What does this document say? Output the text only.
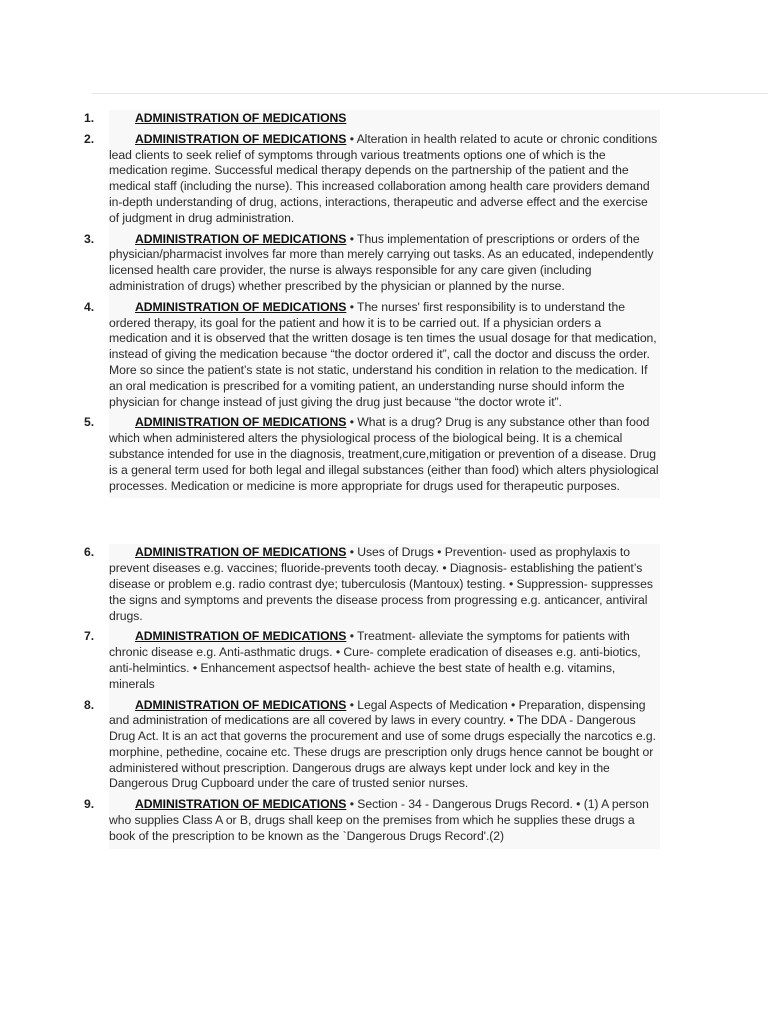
1.	ADMINISTRATION OF MEDICATIONS
2.	ADMINISTRATION OF MEDICATIONS • Alteration in health related to acute or chronic conditions lead clients to seek relief of symptoms through various treatments options one of which is the medication regime. Successful medical therapy depends on the partnership of the patient and the medical staff (including the nurse). This increased collaboration among health care providers demand in-depth understanding of drug, actions, interactions, therapeutic and adverse effect and the exercise of judgment in drug administration.
3.	ADMINISTRATION OF MEDICATIONS • Thus implementation of prescriptions or orders of the physician/pharmacist involves far more than merely carrying out tasks. As an educated, independently licensed health care provider, the nurse is always responsible for any care given (including administration of drugs) whether prescribed by the physician or planned by the nurse.
4.	ADMINISTRATION OF MEDICATIONS • The nurses' first responsibility is to understand the ordered therapy, its goal for the patient and how it is to be carried out. If a physician orders a medication and it is observed that the written dosage is ten times the usual dosage for that medication, instead of giving the medication because “the doctor ordered it”, call the doctor and discuss the order. More so since the patient’s state is not static, understand his condition in relation to the medication. If an oral medication is prescribed for a vomiting patient, an understanding nurse should inform the physician for change instead of just giving the drug just because “the doctor wrote it”.
5.	ADMINISTRATION OF MEDICATIONS • What is a drug? Drug is any substance other than food which when administered alters the physiological process of the biological being. It is a chemical substance intended for use in the diagnosis, treatment,cure,mitigation or prevention of a disease. Drug is a general term used for both legal and illegal substances (either than food) which alters physiological processes. Medication or medicine is more appropriate for drugs used for therapeutic purposes.
6.	ADMINISTRATION OF MEDICATIONS • Uses of Drugs • Prevention- used as prophylaxis to prevent diseases e.g. vaccines; fluoride-prevents tooth decay. • Diagnosis- establishing the patient’s disease or problem e.g. radio contrast dye; tuberculosis (Mantoux) testing. • Suppression- suppresses the signs and symptoms and prevents the disease process from progressing e.g. anticancer, antiviral drugs.
7.	ADMINISTRATION OF MEDICATIONS • Treatment- alleviate the symptoms for patients with chronic disease e.g. Anti-asthmatic drugs. • Cure- complete eradication of diseases e.g. anti-biotics, anti-helmintics. • Enhancement aspectsof health- achieve the best state of health e.g. vitamins, minerals
8.	ADMINISTRATION OF MEDICATIONS • Legal Aspects of Medication • Preparation, dispensing and administration of medications are all covered by laws in every country. • The DDA - Dangerous Drug Act. It is an act that governs the procurement and use of some drugs especially the narcotics e.g. morphine, pethedine, cocaine etc. These drugs are prescription only drugs hence cannot be bought or administered without prescription. Dangerous drugs are always kept under lock and key in the Dangerous Drug Cupboard under the care of trusted senior nurses.
9.	ADMINISTRATION OF MEDICATIONS • Section - 34 - Dangerous Drugs Record. • (1) A person who supplies Class A or B, drugs shall keep on the premises from which he supplies these drugs a book of the prescription to be known as the `Dangerous Drugs Record'.(2)
